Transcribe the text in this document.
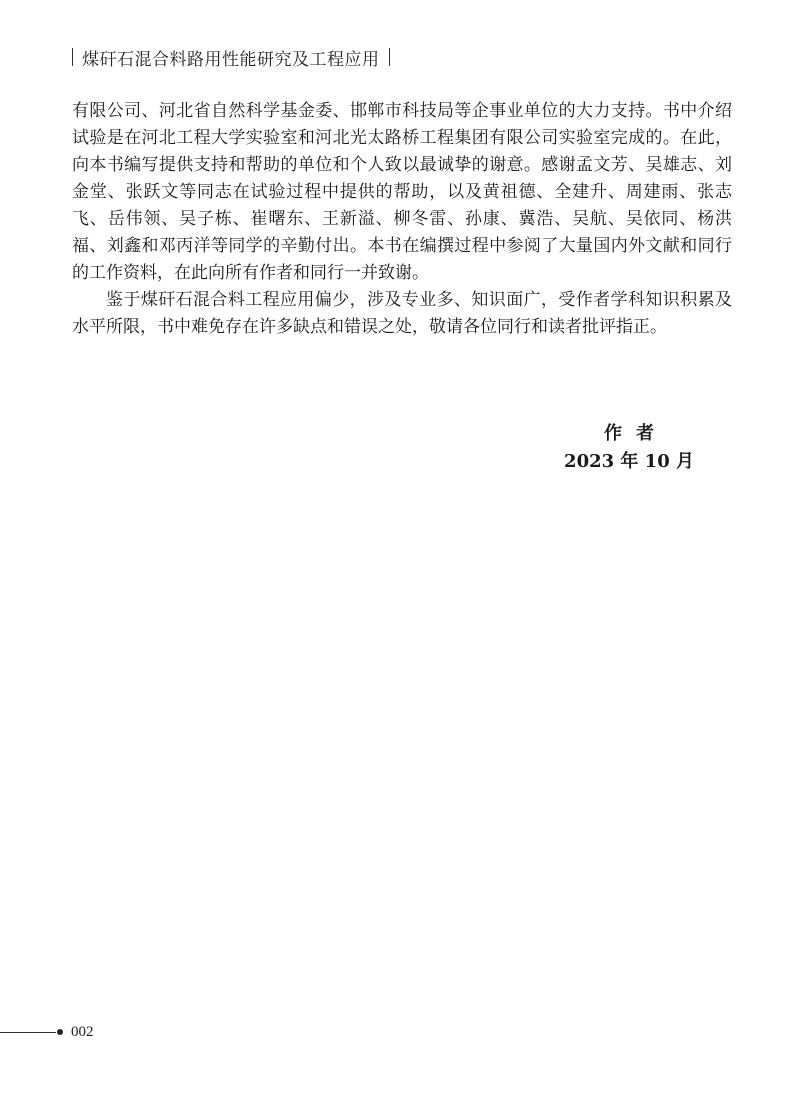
煤矸石混合料路用性能研究及工程应用

有限公司、河北省自然科学基金委、邯郸市科技局等企事业单位的大力支持。书中介绍试验是在河北工程大学实验室和河北光太路桥工程集团有限公司实验室完成的。在此，向本书编写提供支持和帮助的单位和个人致以最诚挚的谢意。感谢孟文芳、吴雄志、刘金堂、张跃文等同志在试验过程中提供的帮助，以及黄祖德、全建升、周建雨、张志飞、岳伟领、吴子栋、崔曙东、王新溢、柳冬雷、孙康、冀浩、吴航、吴依同、杨洪福、刘鑫和邓丙洋等同学的辛勤付出。本书在编撰过程中参阅了大量国内外文献和同行的工作资料，在此向所有作者和同行一并致谢。

鉴于煤矸石混合料工程应用偏少，涉及专业多、知识面广，受作者学科知识积累及水平所限，书中难免存在许多缺点和错误之处，敬请各位同行和读者批评指正。

作者
2023 年 10 月
002
